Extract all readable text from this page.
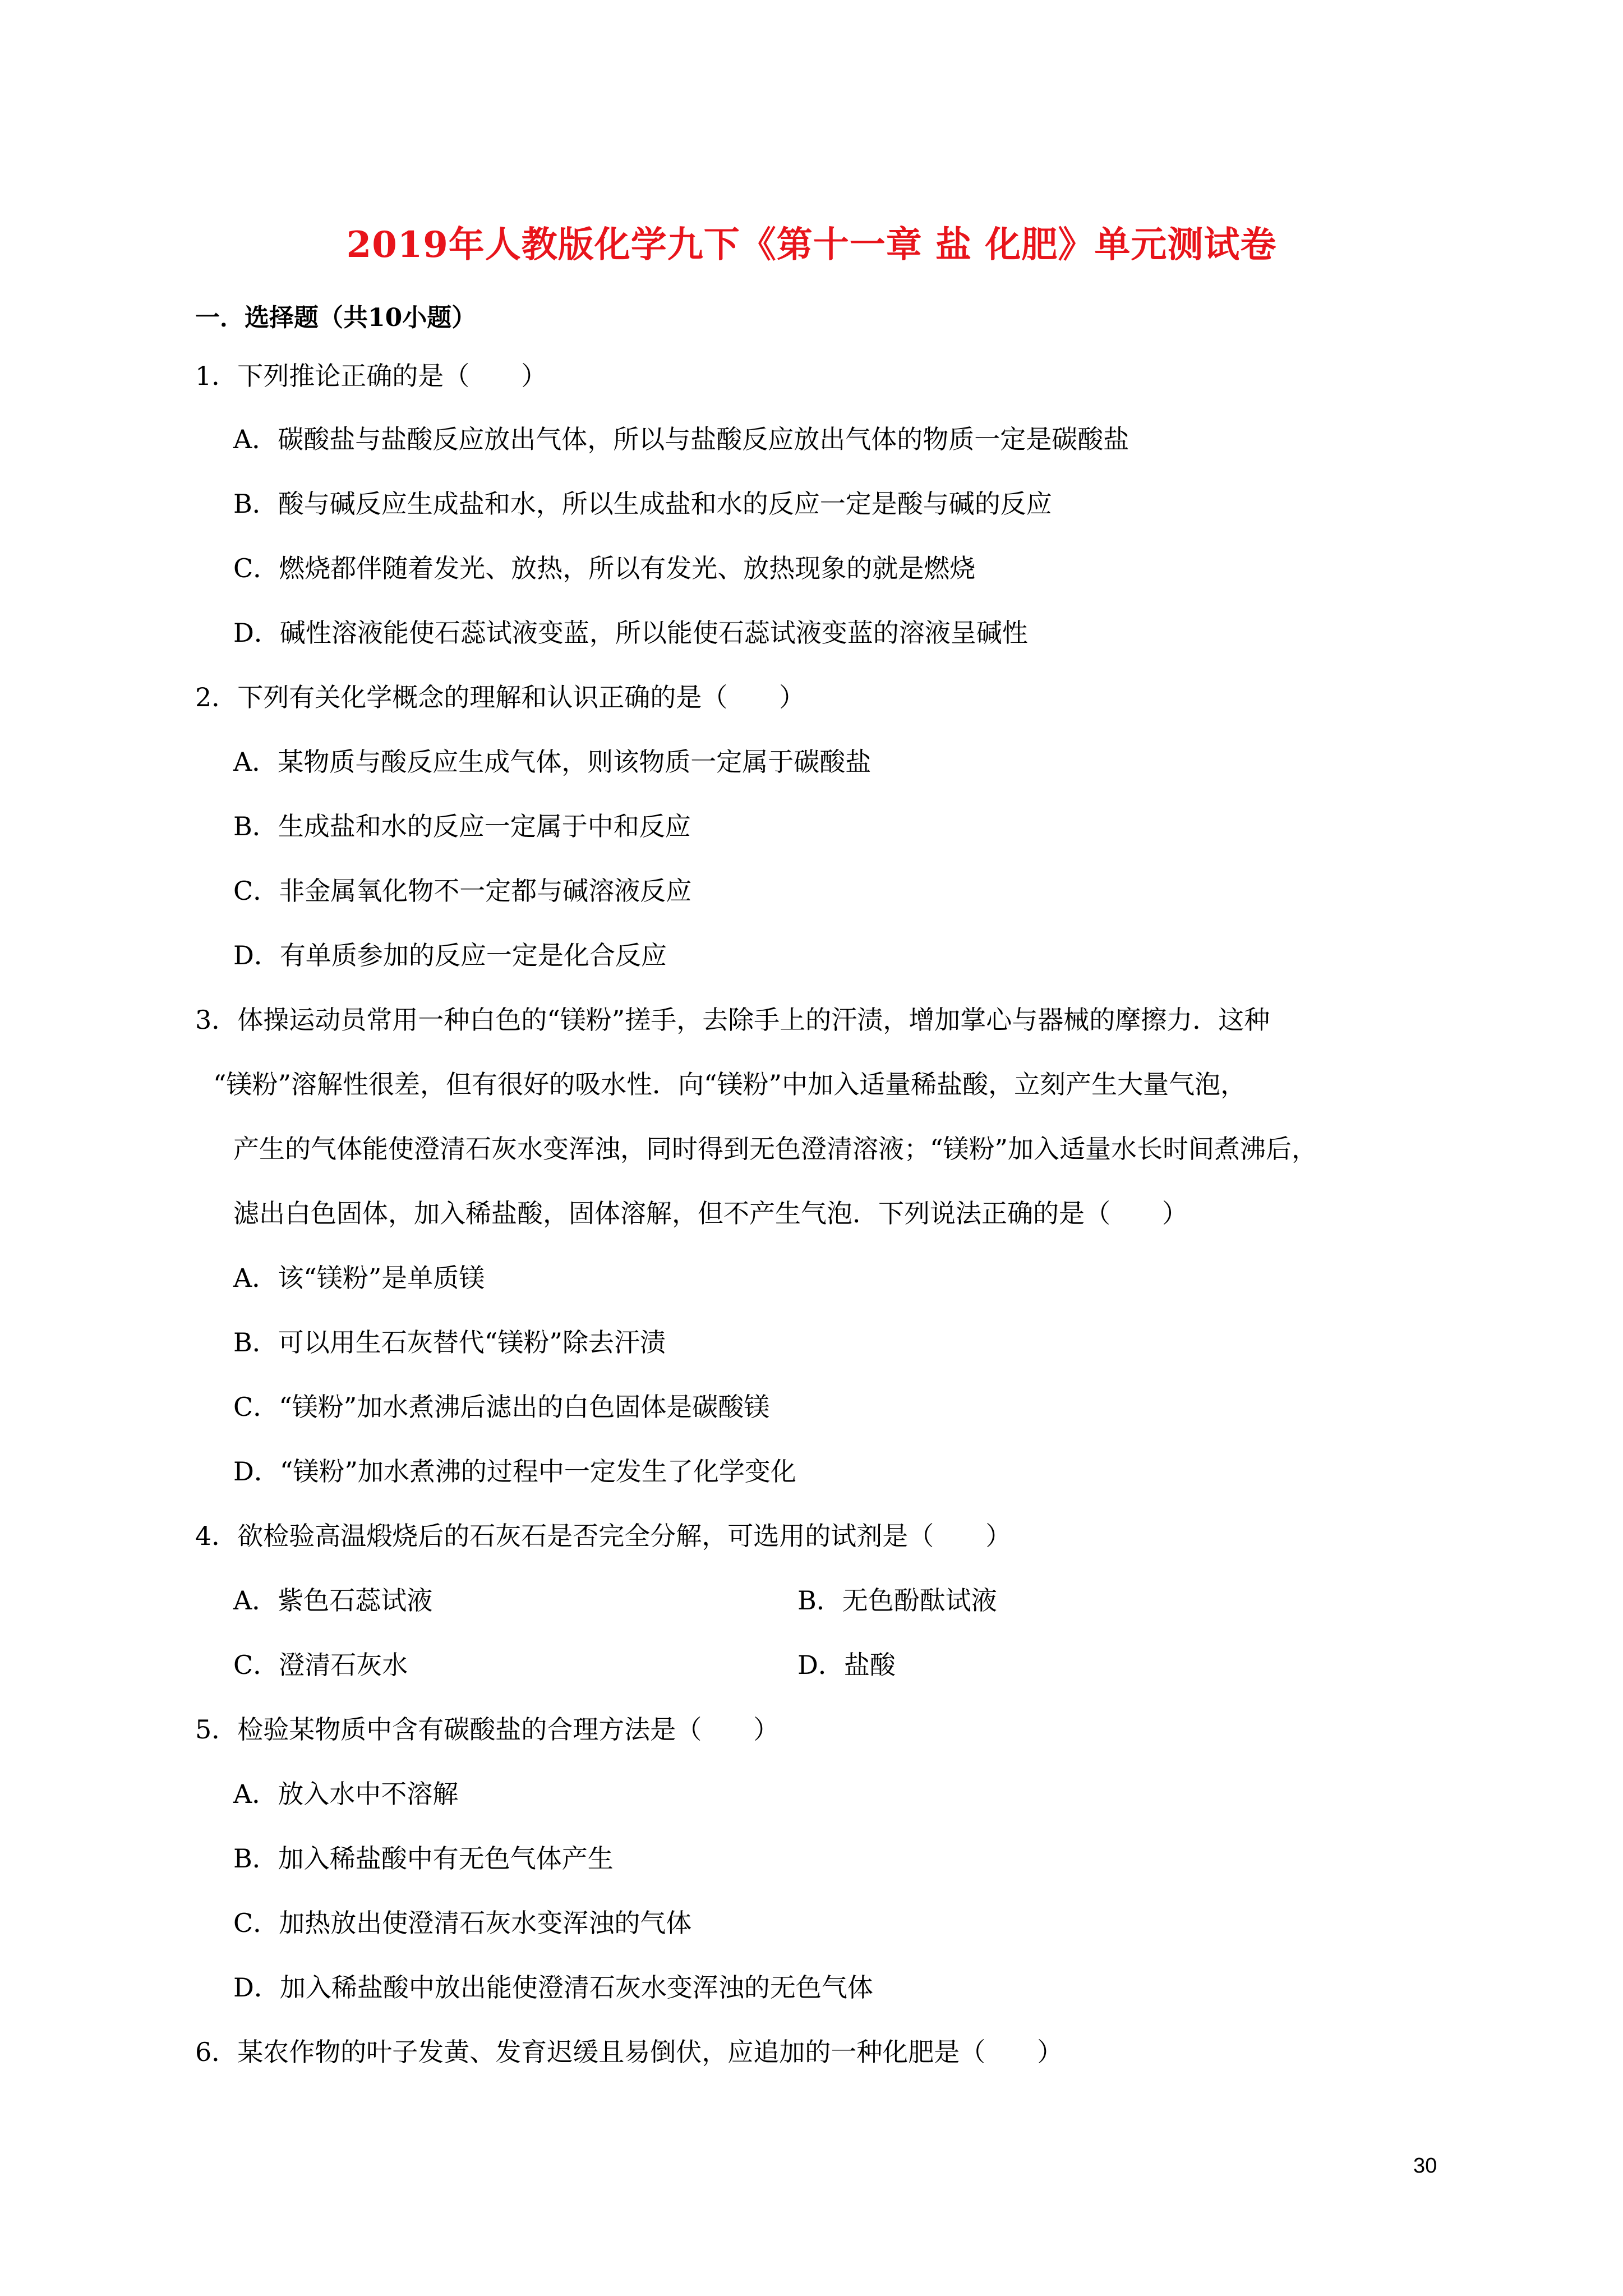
2019年人教版化学九下《第十一章 盐 化肥》单元测试卷
一．选择题（共10小题）
1．下列推论正确的是（　　）
A．碳酸盐与盐酸反应放出气体，所以与盐酸反应放出气体的物质一定是碳酸盐
B．酸与碱反应生成盐和水，所以生成盐和水的反应一定是酸与碱的反应
C．燃烧都伴随着发光、放热，所以有发光、放热现象的就是燃烧
D．碱性溶液能使石蕊试液变蓝，所以能使石蕊试液变蓝的溶液呈碱性
2．下列有关化学概念的理解和认识正确的是（　　）
A．某物质与酸反应生成气体，则该物质一定属于碳酸盐
B．生成盐和水的反应一定属于中和反应
C．非金属氧化物不一定都与碱溶液反应
D．有单质参加的反应一定是化合反应
3．体操运动员常用一种白色的“镁粉”搓手，去除手上的汗渍，增加掌心与器械的摩擦力．这种
“镁粉”溶解性很差，但有很好的吸水性．向“镁粉”中加入适量稀盐酸，立刻产生大量气泡，
产生的气体能使澄清石灰水变浑浊，同时得到无色澄清溶液；“镁粉”加入适量水长时间煮沸后，
滤出白色固体，加入稀盐酸，固体溶解，但不产生气泡．下列说法正确的是（　　）
A．该“镁粉”是单质镁
B．可以用生石灰替代“镁粉”除去汗渍
C．“镁粉”加水煮沸后滤出的白色固体是碳酸镁
D．“镁粉”加水煮沸的过程中一定发生了化学变化
4．欲检验高温煅烧后的石灰石是否完全分解，可选用的试剂是（　　）
A．紫色石蕊试液	B．无色酚酞试液
C．澄清石灰水	D．盐酸
5．检验某物质中含有碳酸盐的合理方法是（　　）
A．放入水中不溶解
B．加入稀盐酸中有无色气体产生
C．加热放出使澄清石灰水变浑浊的气体
D．加入稀盐酸中放出能使澄清石灰水变浑浊的无色气体
6．某农作物的叶子发黄、发育迟缓且易倒伏，应追加的一种化肥是（　　）
30
